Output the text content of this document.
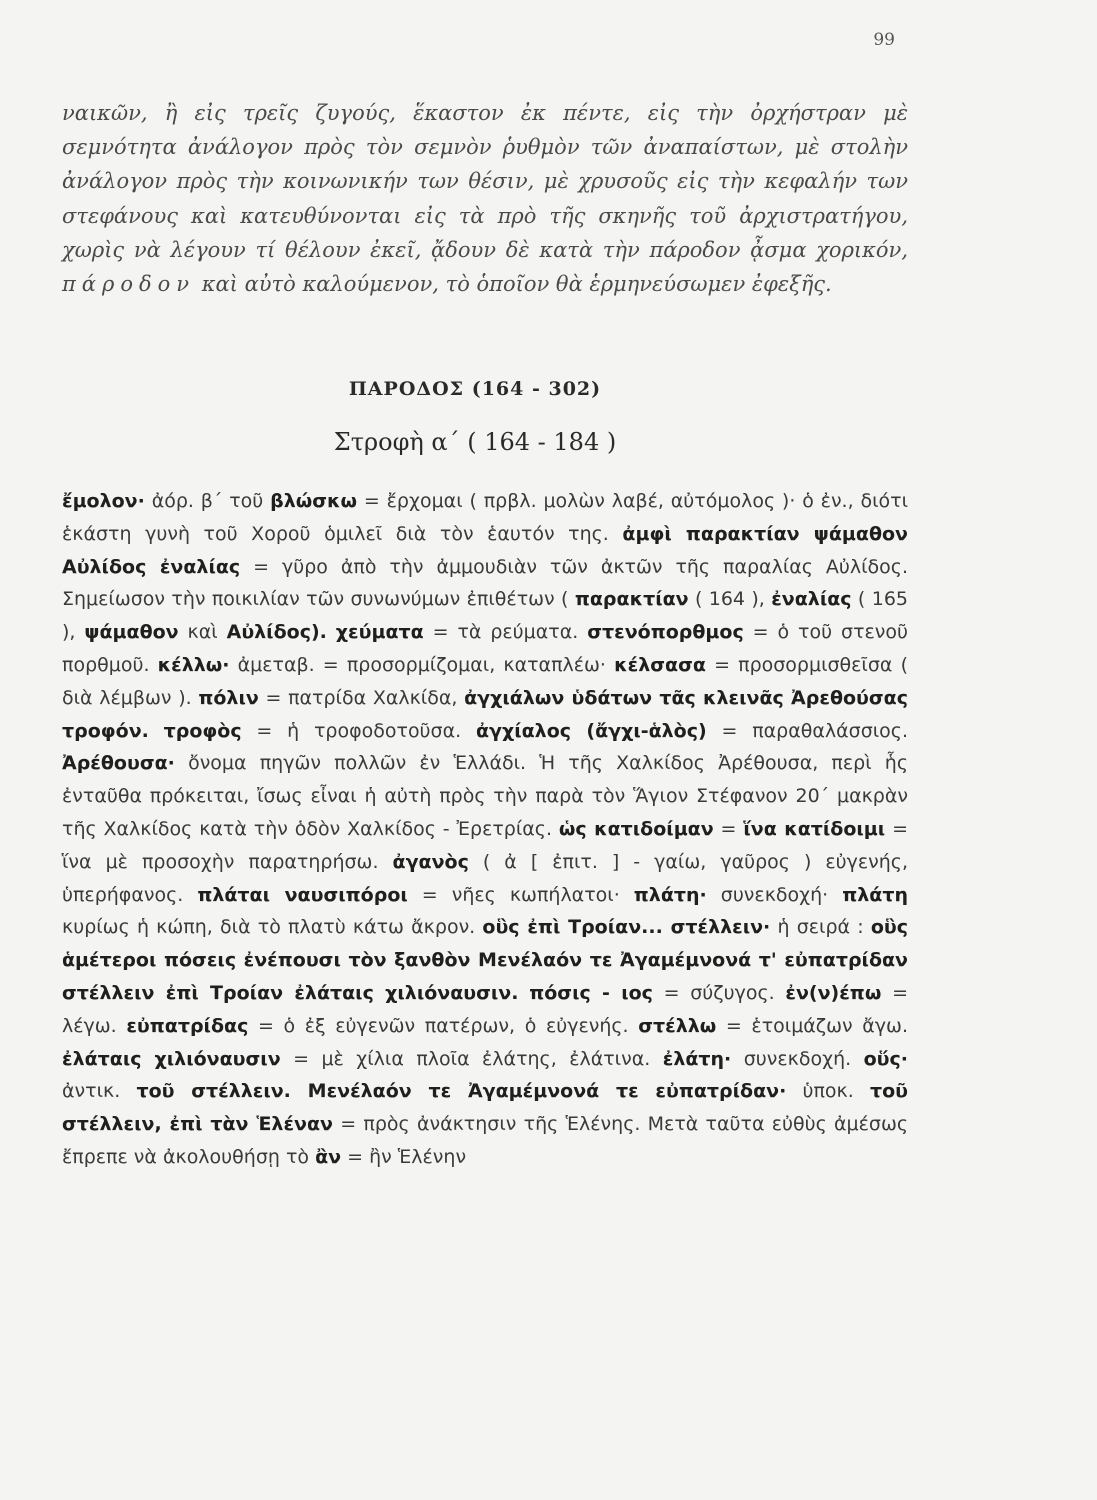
99

ναικῶν, ἢ εἰς τρεῖς ζυγούς, ἕκαστον ἐκ πέντε, εἰς τὴν ὀρχήστραν μὲ σεμνότητα ἀνάλογον πρὸς τὸν σεμνὸν ῥυθμὸν τῶν ἀναπαίστων, μὲ στολὴν ἀνάλογον πρὸς τὴν κοινωνικήν των θέσιν, μὲ χρυσοῦς εἰς τὴν κεφαλήν των στεφάνους καὶ κατευθύνονται εἰς τὰ πρὸ τῆς σκηνῆς τοῦ ἀρχιστρατήγου, χωρὶς νὰ λέγουν τί θέλουν ἐκεῖ, ᾄδουν δὲ κατὰ τὴν πάροδον ᾆσμα χορικόν, πάροδον καὶ αὐτὸ καλούμενον, τὸ ὁποῖον θὰ ἑρμηνεύσωμεν ἐφεξῆς.

ΠΑΡΟΔΟΣ (164 - 302)
Στροφὴ α΄ ( 164 - 184 )

ἔμολον· ἀόρ. β΄ τοῦ βλώσκω = ἔρχομαι ( πρβλ. μολὼν λαβέ, αὐτόμολος )· ὁ ἐν., διότι ἑκάστη γυνὴ τοῦ Χοροῦ ὁμιλεῖ διὰ τὸν ἑαυτόν της. ἀμφὶ παρακτίαν ψάμαθον Αὐλίδος ἐναλίας = γῦρο ἀπὸ τὴν ἀμμουδιὰν τῶν ἀκτῶν τῆς παραλίας Αὐλίδος. Σημείωσον τὴν ποικιλίαν τῶν συνωνύμων ἐπιθέτων ( παρακτίαν ( 164 ), ἐναλίας ( 165 ), ψάμαθον καὶ Αὐλίδος). χεύματα = τὰ ρεύματα. στενόπορθμος = ὁ τοῦ στενοῦ πορθμοῦ. κέλλω· ἀμεταβ. = προσορμίζομαι, καταπλέω· κέλσασα = προσορμισθεῖσα ( διὰ λέμβων ). πόλιν = πατρίδα Χαλκίδα, ἀγχιάλων ὑδάτων τᾶς κλεινᾶς Ἀρεθούσας τροφόν. τροφὸς = ἡ τροφοδοτοῦσα. ἀγχίαλος (ἄγχι-ἁλὸς) = παραθαλάσσιος. Ἀρέθουσα· ὄνομα πηγῶν πολλῶν ἐν Ἑλλάδι. Ἡ τῆς Χαλκίδος Ἀρέθουσα, περὶ ἧς ἐνταῦθα πρόκειται, ἴσως εἶναι ἡ αὐτὴ πρὸς τὴν παρὰ τὸν Ἅγιον Στέφανον 20΄ μακρὰν τῆς Χαλκίδος κατὰ τὴν ὁδὸν Χαλκίδος - Ἐρετρίας. ὡς κατιδοίμαν = ἵνα κατίδοιμι = ἵνα μὲ προσοχὴν παρατηρήσω. ἀγανὸς ( ἀ [ ἐπιτ. ] - γαίω, γαῦρος ) εὐγενής, ὑπερήφανος. πλάται ναυσιπόροι = νῆες κωπήλατοι· πλάτη· συνεκδοχή· πλάτη κυρίως ἡ κώπη, διὰ τὸ πλατὺ κάτω ἄκρον. οὓς ἐπὶ Τροίαν... στέλλειν· ἡ σειρά : οὓς ἁμέτεροι πόσεις ἐνέπουσι τὸν ξανθὸν Μενέλαόν τε Ἀγαμέμνονά τ' εὐπατρίδαν στέλλειν ἐπὶ Τροίαν ἐλάταις χιλιόναυσιν. πόσις - ιος = σύζυγος. ἐν(ν)έπω = λέγω. εὐπατρίδας = ὁ ἐξ εὐγενῶν πατέρων, ὁ εὐγενής. στέλλω = ἑτοιμάζων ἄγω. ἐλάταις χιλιόναυσιν = μὲ χίλια πλοῖα ἐλάτης, ἐλάτινα. ἐλάτη· συνεκδοχή. οὕς· ἀντικ. τοῦ στέλλειν. Μενέλαόν τε Ἀγαμέμνονά τε εὐπατρίδαν· ὑποκ. τοῦ στέλλειν, ἐπὶ τὰν Ἑλέναν = πρὸς ἀνάκτησιν τῆς Ἑλένης. Μετὰ ταῦτα εὐθὺς ἀμέσως ἔπρεπε νὰ ἀκολουθήσῃ τὸ ἂν = ἢν Ἑλένην
